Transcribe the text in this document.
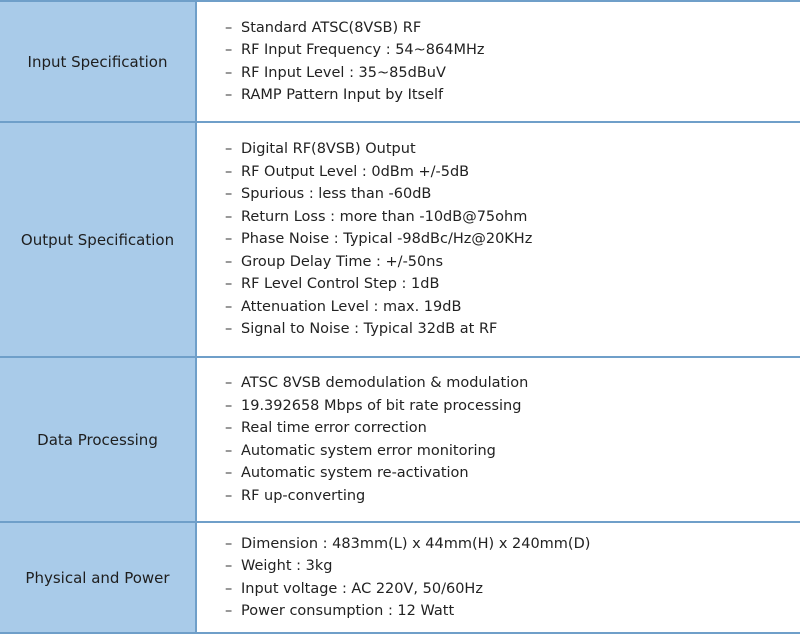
Input Specification
– Standard ATSC(8VSB) RF
– RF Input Frequency : 54~864MHz
– RF Input Level : 35~85dBuV
– RAMP Pattern Input by Itself
Output Specification
– Digital RF(8VSB) Output
– RF Output Level : 0dBm +/-5dB
– Spurious : less than -60dB
– Return Loss : more than -10dB@75ohm
– Phase Noise : Typical -98dBc/Hz@20KHz
– Group Delay Time : +/-50ns
– RF Level Control Step : 1dB
– Attenuation Level : max. 19dB
– Signal to Noise : Typical 32dB at RF
Data Processing
– ATSC 8VSB demodulation & modulation
– 19.392658 Mbps of bit rate processing
– Real time error correction
– Automatic system error monitoring
– Automatic system re-activation
– RF up-converting
Physical and Power
– Dimension : 483mm(L) x 44mm(H) x 240mm(D)
– Weight : 3kg
– Input voltage : AC 220V, 50/60Hz
– Power consumption : 12 Watt
